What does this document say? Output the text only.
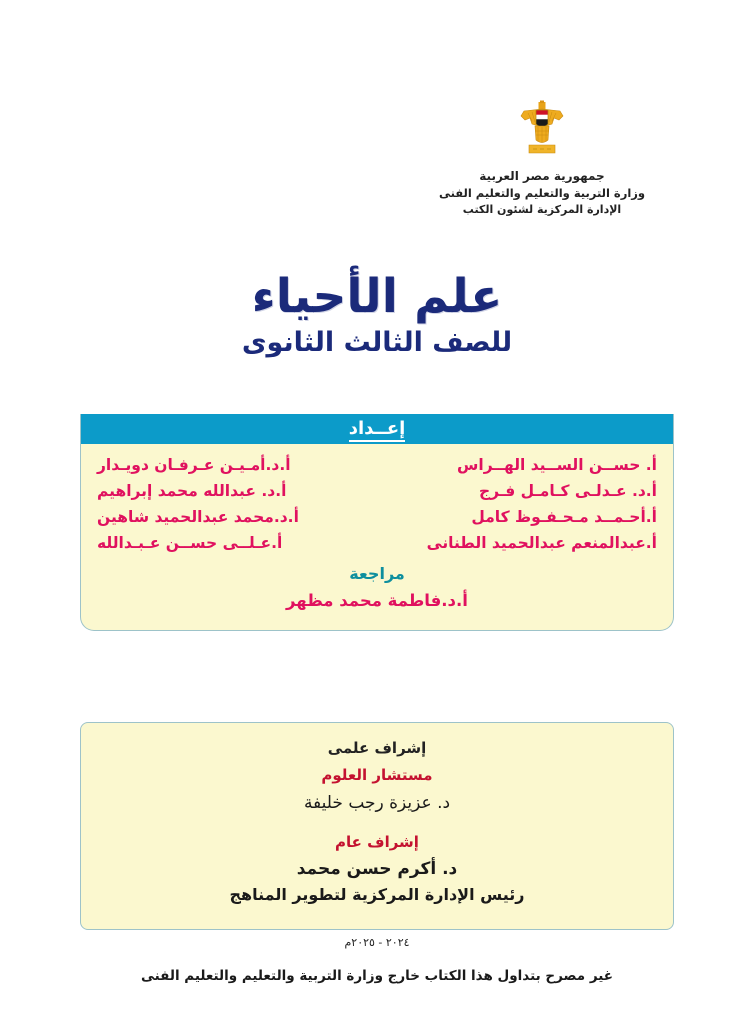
جمهورية مصر العربية
وزارة التربية والتعليم والتعليم الفنى
الإدارة المركزية لشئون الكتب
علم الأحياء
للصف الثالث الثانوى
إعــداد
أ. حســن الســيد الهــراس
أ.د.أمـيـن عـرفـان دويـدار
أ.د. عـدلـى كـامـل فـرج
أ.د. عبدالله محمد إبراهيم
أ.أحـمــد مـحـفـوظ كامل
أ.د.محمد عبدالحميد شاهين
أ.عبدالمنعم عبدالحميد الطنانى
أ.عـلــى حســن عـبـدالله
مراجعة
أ.د.فاطمة محمد مظهر
إشراف علمى
مستشار العلوم
د. عزيزة رجب خليفة
إشراف عام
د. أكرم حسن محمد
رئيس الإدارة المركزية لتطوير المناهج
٢٠٢٤ - ٢٠٢٥م
غير مصرح بتداول هذا الكتاب خارج وزارة التربية والتعليم والتعليم الفنى
